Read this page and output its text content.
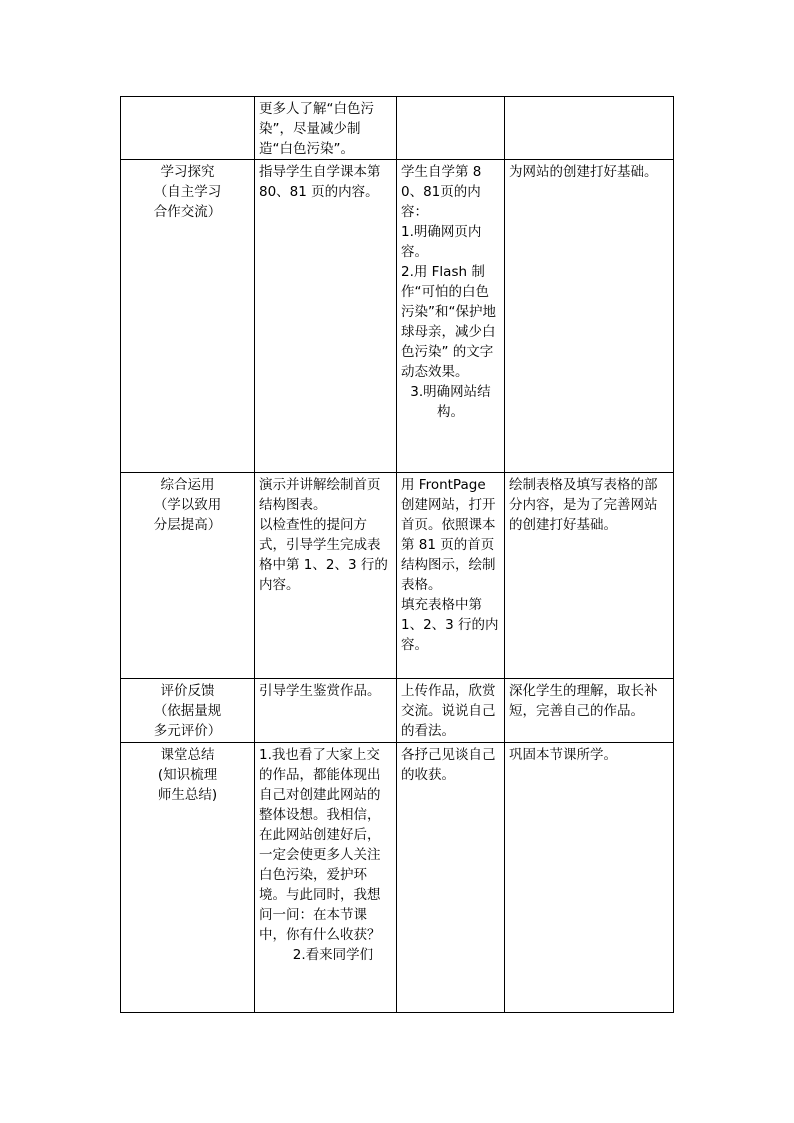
	更多人了解“白色污染”，尽量减少制造“白色污染”。		

学习探究
（自主学习
合作交流）	指导学生自学课本第 80、81 页的内容。	学生自学第 80、81页的内容：
1.明确网页内容。
2.用 Flash 制作“可怕的白色污染”和“保护地球母亲，减少白色污染” 的文字动态效果。
3.明确网站结构。	为网站的创建打好基础。

综合运用
（学以致用
分层提高）	演示并讲解绘制首页结构图表。
以检查性的提问方式，引导学生完成表格中第 1、2、3 行的内容。	用 FrontPage 创建网站，打开首页。依照课本第 81 页的首页结构图示，绘制表格。
填充表格中第 1、2、3 行的内容。	绘制表格及填写表格的部分内容，是为了完善网站的创建打好基础。

评价反馈
（依据量规
多元评价）	引导学生鉴赏作品。	上传作品，欣赏交流。说说自己的看法。	深化学生的理解，取长补短，完善自己的作品。

课堂总结
(知识梳理
师生总结)	1.我也看了大家上交的作品，都能体现出自己对创建此网站的整体设想。我相信，在此网站创建好后，一定会使更多人关注白色污染，爱护环境。与此同时，我想问一问：在本节课中，你有什么收获？
2.看来同学们	各抒己见谈自己的收获。	巩固本节课所学。
